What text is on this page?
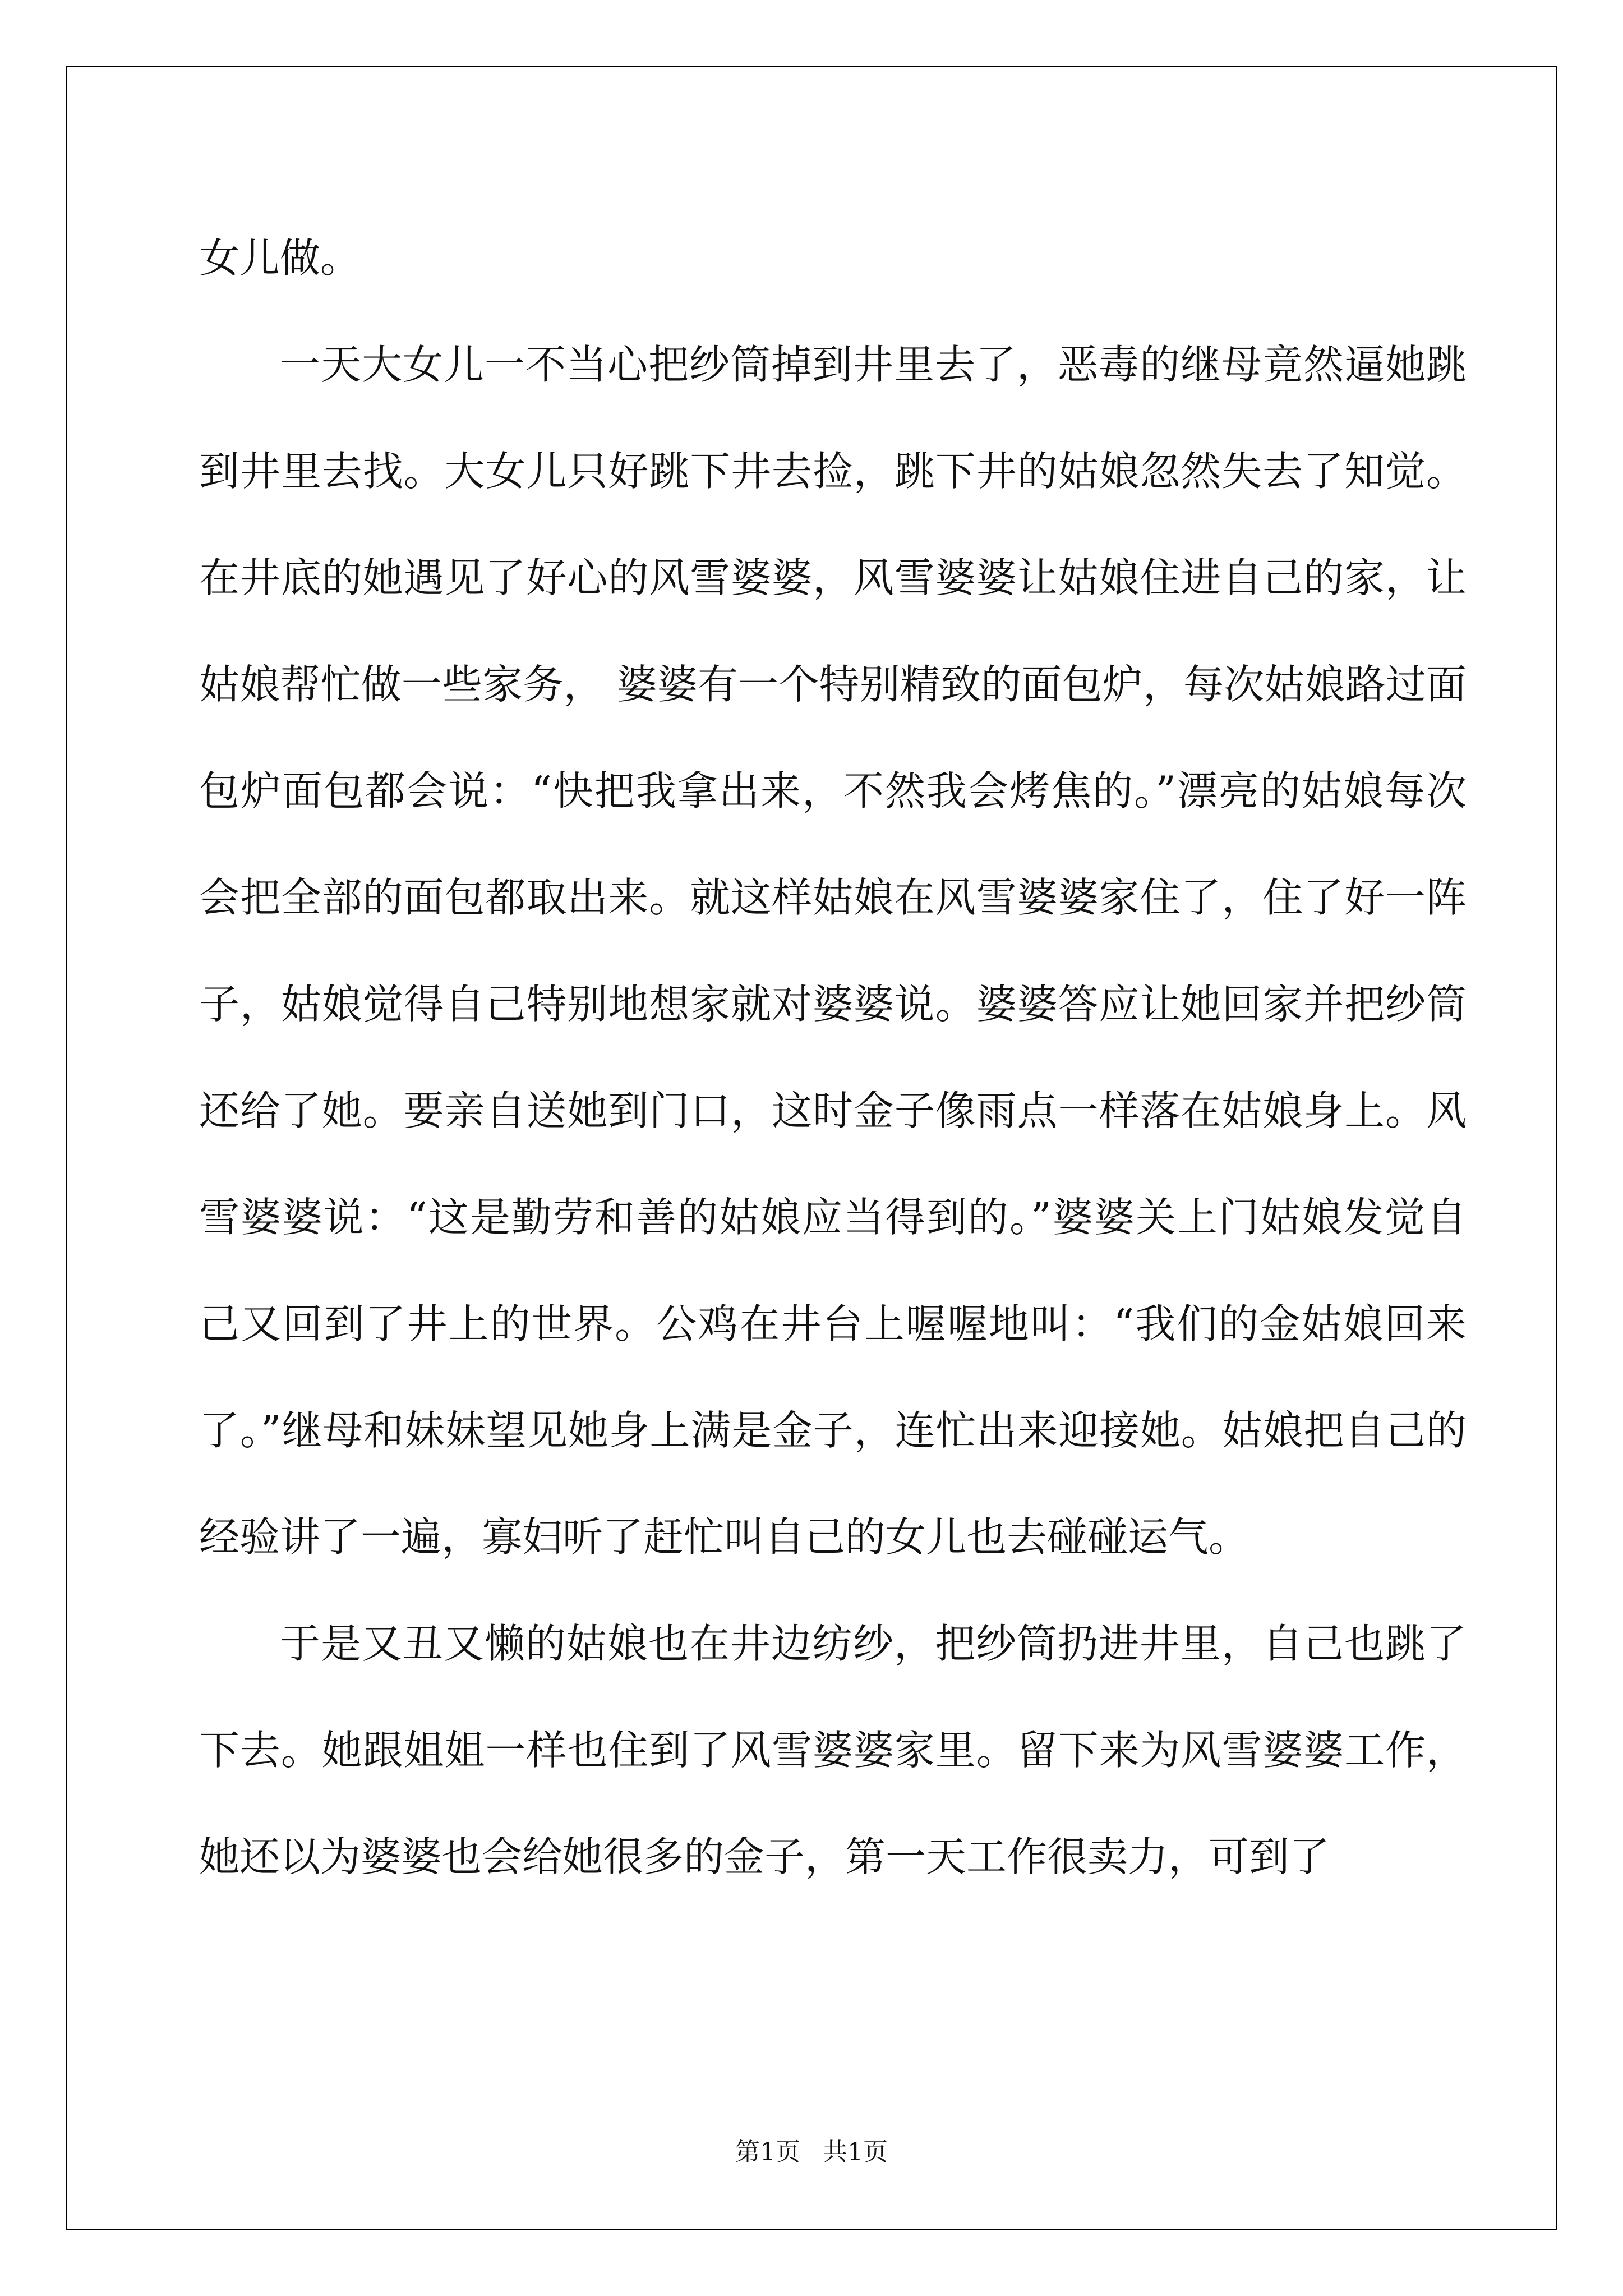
女儿做。

一天大女儿一不当心把纱筒掉到井里去了，恶毒的继母竟然逼她跳到井里去找。大女儿只好跳下井去捡，跳下井的姑娘忽然失去了知觉。在井底的她遇见了好心的风雪婆婆，风雪婆婆让姑娘住进自己的家，让姑娘帮忙做一些家务， 婆婆有一个特别精致的面包炉，每次姑娘路过面包炉面包都会说：“快把我拿出来，不然我会烤焦的。”漂亮的姑娘每次会把全部的面包都取出来。就这样姑娘在风雪婆婆家住了，住了好一阵子，姑娘觉得自己特别地想家就对婆婆说。婆婆答应让她回家并把纱筒还给了她。要亲自送她到门口，这时金子像雨点一样落在姑娘身上。风雪婆婆说：“这是勤劳和善的姑娘应当得到的。”婆婆关上门姑娘发觉自己又回到了井上的世界。公鸡在井台上喔喔地叫：“我们的金姑娘回来了。”继母和妹妹望见她身上满是金子，连忙出来迎接她。姑娘把自己的经验讲了一遍，寡妇听了赶忙叫自己的女儿也去碰碰运气。

于是又丑又懒的姑娘也在井边纺纱，把纱筒扔进井里，自己也跳了下去。她跟姐姐一样也住到了风雪婆婆家里。留下来为风雪婆婆工作，她还以为婆婆也会给她很多的金子，第一天工作很卖力，可到了

第1页 共1页
